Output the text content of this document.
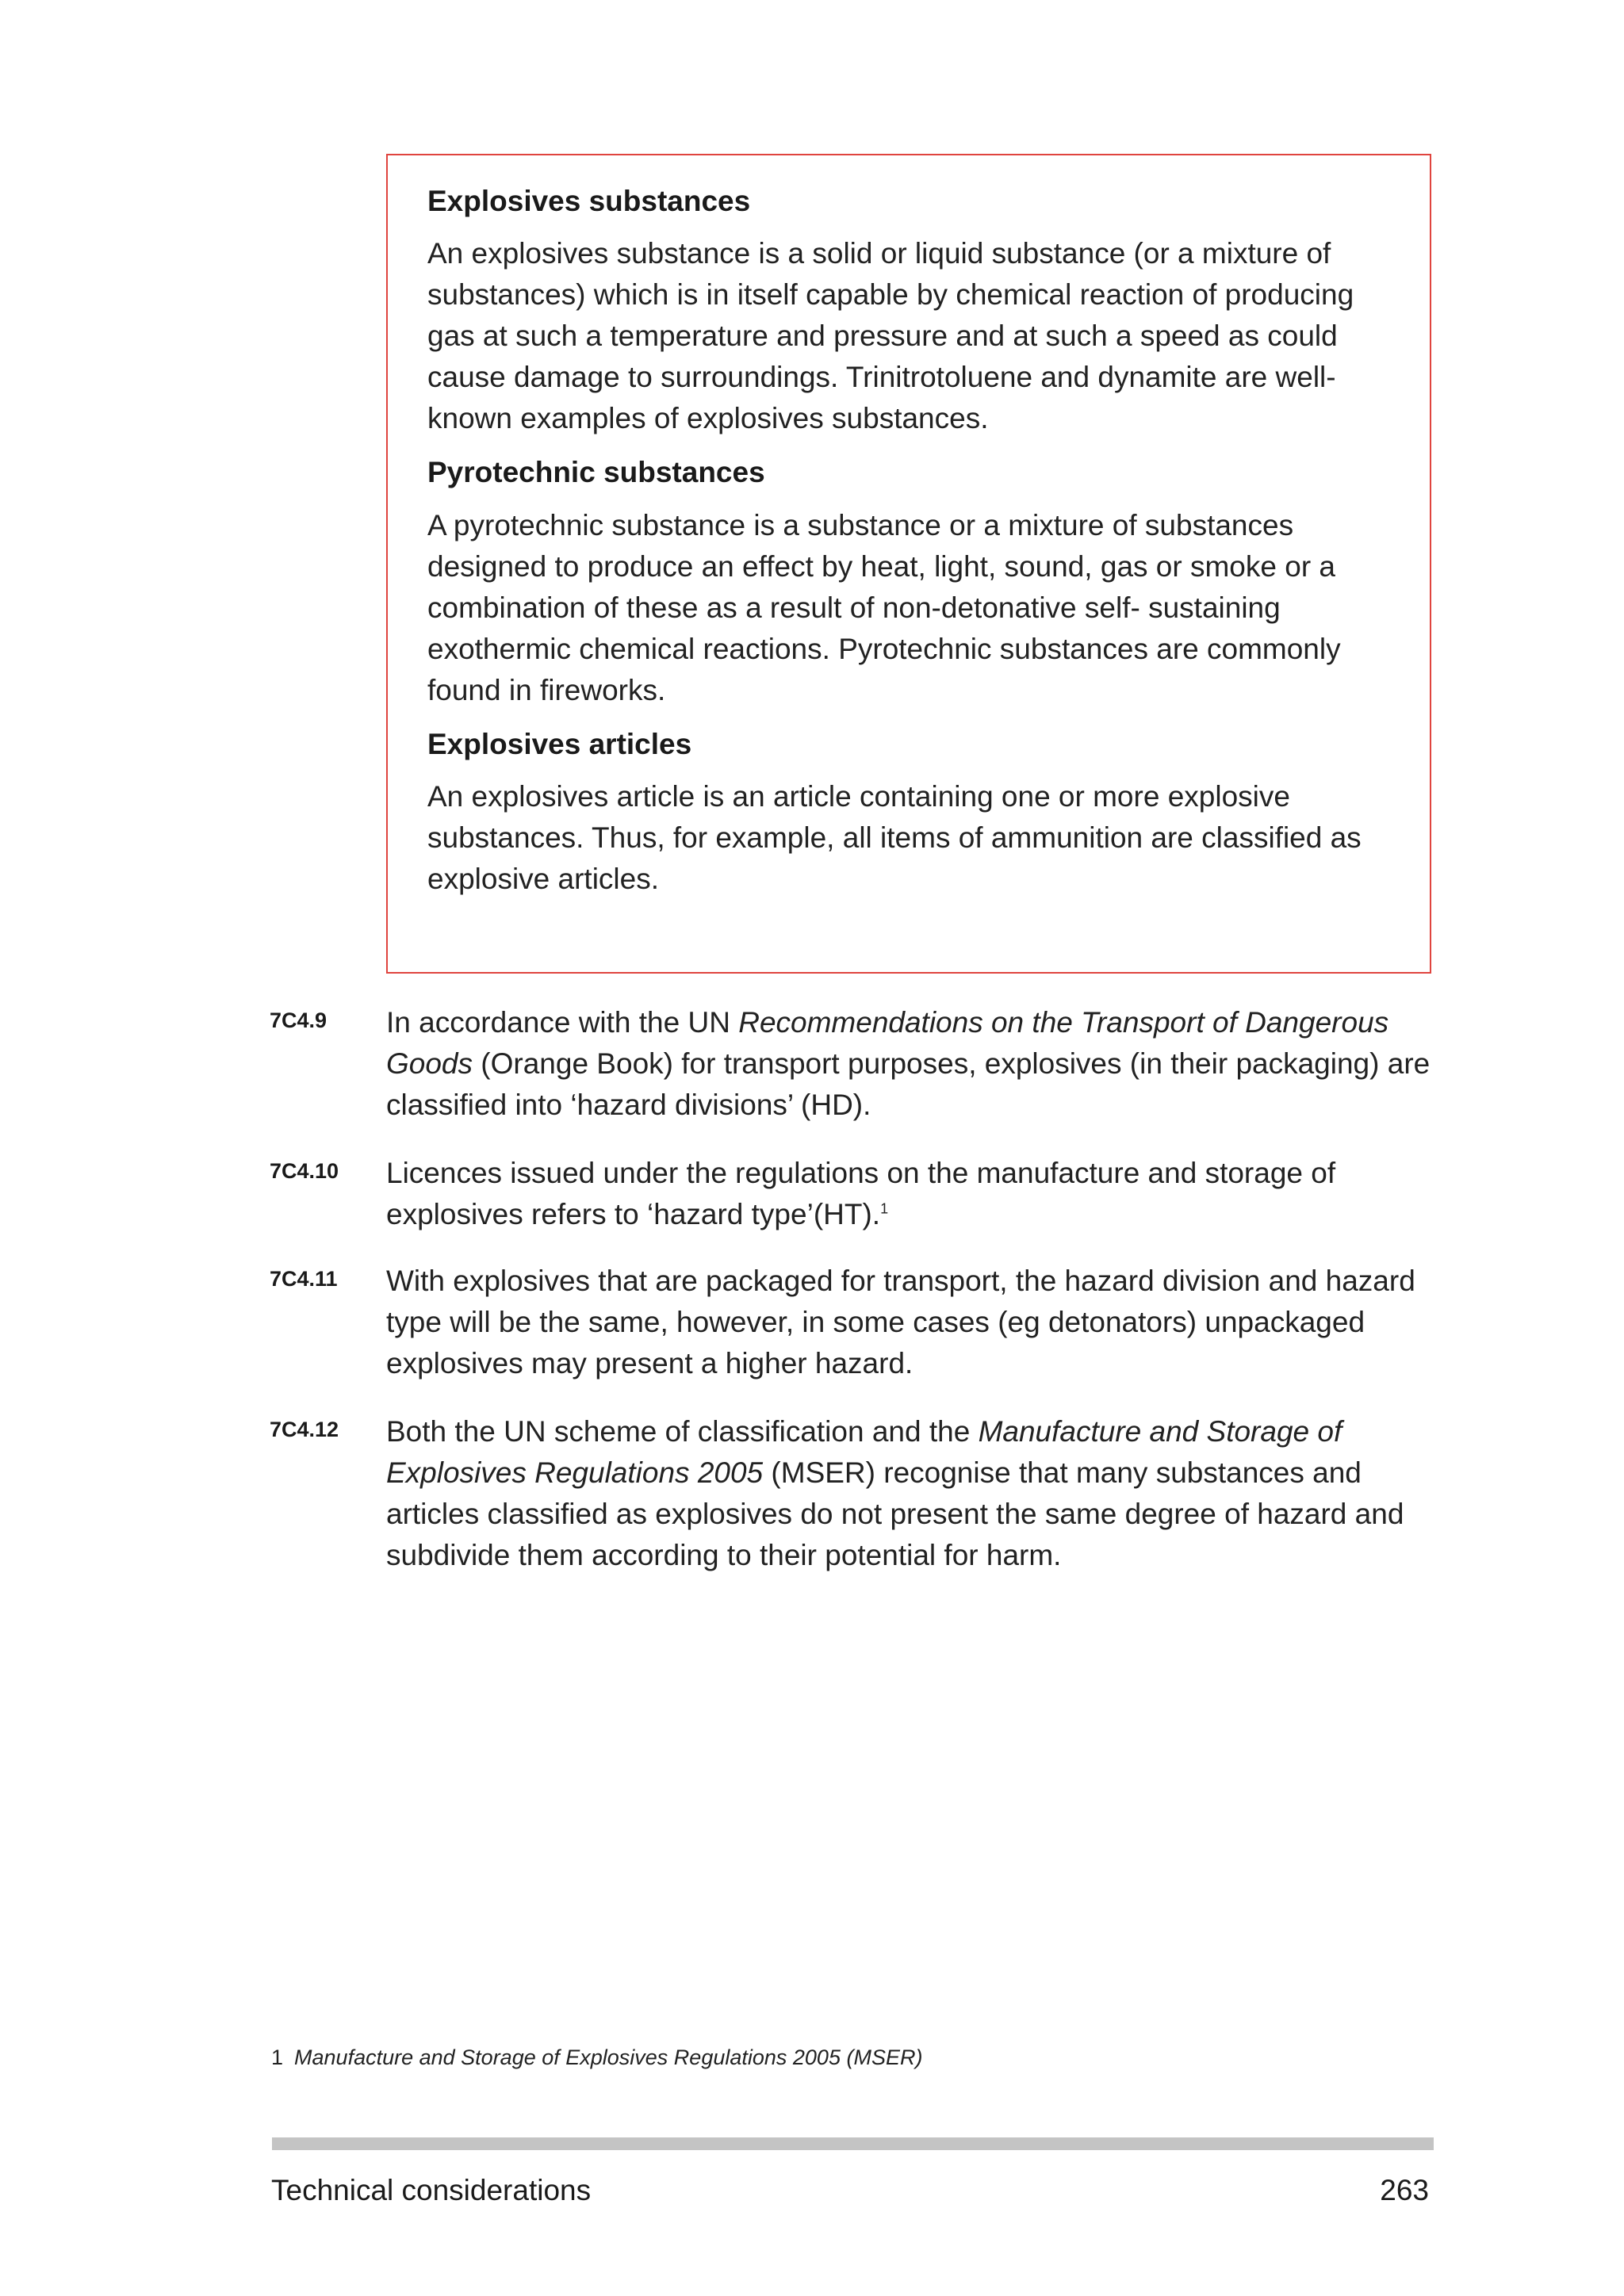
Explosives substances

An explosives substance is a solid or liquid substance (or a mixture of substances) which is in itself capable by chemical reaction of producing gas at such a temperature and pressure and at such a speed as could cause damage to surroundings. Trinitrotoluene and dynamite are well-known examples of explosives substances.

Pyrotechnic substances

A pyrotechnic substance is a substance or a mixture of substances designed to produce an effect by heat, light, sound, gas or smoke or a combination of these as a result of non-detonative self- sustaining exothermic chemical reactions. Pyrotechnic substances are commonly found in fireworks.

Explosives articles

An explosives article is an article containing one or more explosive substances. Thus, for example, all items of ammunition are classified as explosive articles.

7C4.9	In accordance with the UN Recommendations on the Transport of Dangerous Goods (Orange Book) for transport purposes, explosives (in their packaging) are classified into ‘hazard divisions’ (HD).
7C4.10	Licences issued under the regulations on the manufacture and storage of explosives refers to ‘hazard type’(HT).$^1$
7C4.11	With explosives that are packaged for transport, the hazard division and hazard type will be the same, however, in some cases (eg detonators) unpackaged explosives may present a higher hazard.
7C4.12	Both the UN scheme of classification and the Manufacture and Storage of Explosives Regulations 2005 (MSER) recognise that many substances and articles classified as explosives do not present the same degree of hazard and subdivide them according to their potential for harm.
1 Manufacture and Storage of Explosives Regulations 2005 (MSER)
Technical considerations	263
